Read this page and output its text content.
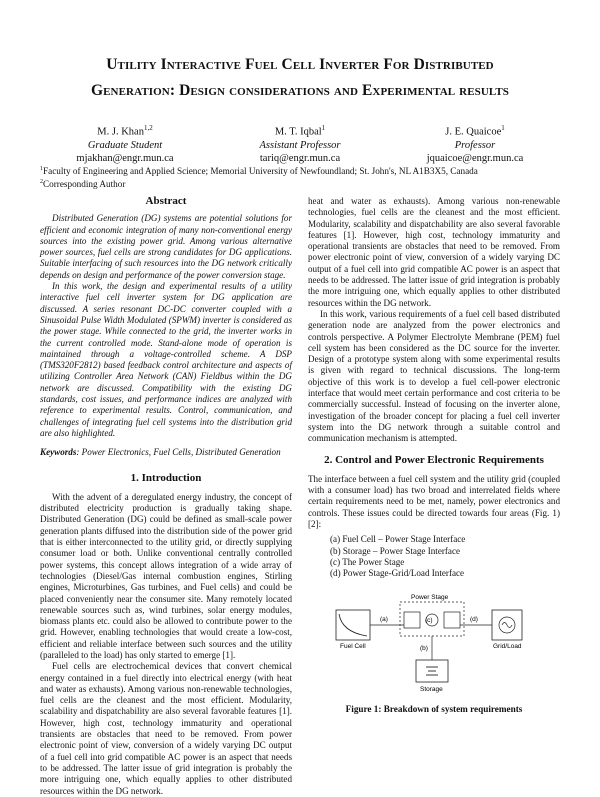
Utility Interactive Fuel Cell Inverter For Distributed
Generation: Design considerations and Experimental results
M. J. Khan$^{1,2}$
Graduate Student
mjakhan@engr.mun.ca
M. T. Iqbal$^1$
Assistant Professor
tariq@engr.mun.ca
J. E. Quaicoe$^1$
Professor
jquaicoe@engr.mun.ca
$^1$Faculty of Engineering and Applied Science; Memorial University of Newfoundland; St. John's, NL A1B3X5, Canada
$^2$Corresponding Author
Abstract

Distributed Generation (DG) systems are potential solutions for efficient and economic integration of many non-conventional energy sources into the existing power grid. Among various alternative power sources, fuel cells are strong candidates for DG applications. Suitable interfacing of such resources into the DG network critically depends on design and performance of the power conversion stage.

In this work, the design and experimental results of a utility interactive fuel cell inverter system for DG application are discussed. A series resonant DC-DC converter coupled with a Sinusoidal Pulse Width Modulated (SPWM) inverter is considered as the power stage. While connected to the grid, the inverter works in the current controlled mode. Stand-alone mode of operation is maintained through a voltage-controlled scheme. A DSP (TMS320F2812) based feedback control architecture and aspects of utilizing Controller Area Network (CAN) Fieldbus within the DG network are discussed. Compatibility with the existing DG standards, cost issues, and performance indices are analyzed with reference to experimental results. Control, communication, and challenges of integrating fuel cell systems into the distribution grid are also highlighted.

Keywords: Power Electronics, Fuel Cells, Distributed Generation

1. Introduction

With the advent of a deregulated energy industry, the concept of distributed electricity production is gradually taking shape. Distributed Generation (DG) could be defined as small-scale power generation plants diffused into the distribution side of the power grid that is either interconnected to the utility grid, or directly supplying consumer load or both. Unlike conventional centrally controlled power systems, this concept allows integration of a wide array of technologies (Diesel/Gas internal combustion engines, Stirling engines, Microturbines, Gas turbines, and Fuel cells) and could be placed conveniently near the consumer site. Many remotely located renewable sources such as, wind turbines, solar energy modules, biomass plants etc. could also be allowed to contribute power to the grid. However, enabling technologies that would create a low-cost, efficient and reliable interface between such sources and the utility (paralleled to the load) has only started to emerge [1].

Fuel cells are electrochemical devices that convert chemical energy contained in a fuel directly into electrical energy (with heat and water as exhausts). Among various non-renewable technologies, fuel cells are the cleanest and the most efficient. Modularity, scalability and dispatchability are also several favorable features [1]. However, high cost, technology immaturity and operational transients are obstacles that need to be removed. From power electronic point of view, conversion of a widely varying DC output of a fuel cell into grid compatible AC power is an aspect that needs to be addressed. The latter issue of grid integration is probably the more intriguing one, which equally applies to other distributed resources within the DG network.

heat and water as exhausts). Among various non-renewable technologies, fuel cells are the cleanest and the most efficient. Modularity, scalability and dispatchability are also several favorable features [1]. However, high cost, technology immaturity and operational transients are obstacles that need to be removed. From power electronic point of view, conversion of a widely varying DC output of a fuel cell into grid compatible AC power is an aspect that needs to be addressed. The latter issue of grid integration is probably the more intriguing one, which equally applies to other distributed resources within the DG network.

In this work, various requirements of a fuel cell based distributed generation node are analyzed from the power electronics and controls perspective. A Polymer Electrolyte Membrane (PEM) fuel cell system has been considered as the DC source for the inverter. Design of a prototype system along with some experimental results is given with regard to technical discussions. The long-term objective of this work is to develop a fuel cell-power electronic interface that would meet certain performance and cost criteria to be commercially successful. Instead of focusing on the inverter alone, investigation of the broader concept for placing a fuel cell inverter system into the DG network through a suitable control and communication mechanism is attempted.

2. Control and Power Electronic Requirements

The interface between a fuel cell system and the utility grid (coupled with a consumer load) has two broad and interrelated fields where certain requirements need to be met, namely, power electronics and controls. These issues could be directed towards four areas (Fig. 1) [2]:

(a) Fuel Cell – Power Stage Interface
(b) Storage – Power Stage Interface
(c) The Power Stage
(d) Power Stage-Grid/Load Interface
Fuel Cell
Power Stage
(c)
Grid/Load
(a)	(d)
(b)
Storage
Figure 1: Breakdown of system requirements
